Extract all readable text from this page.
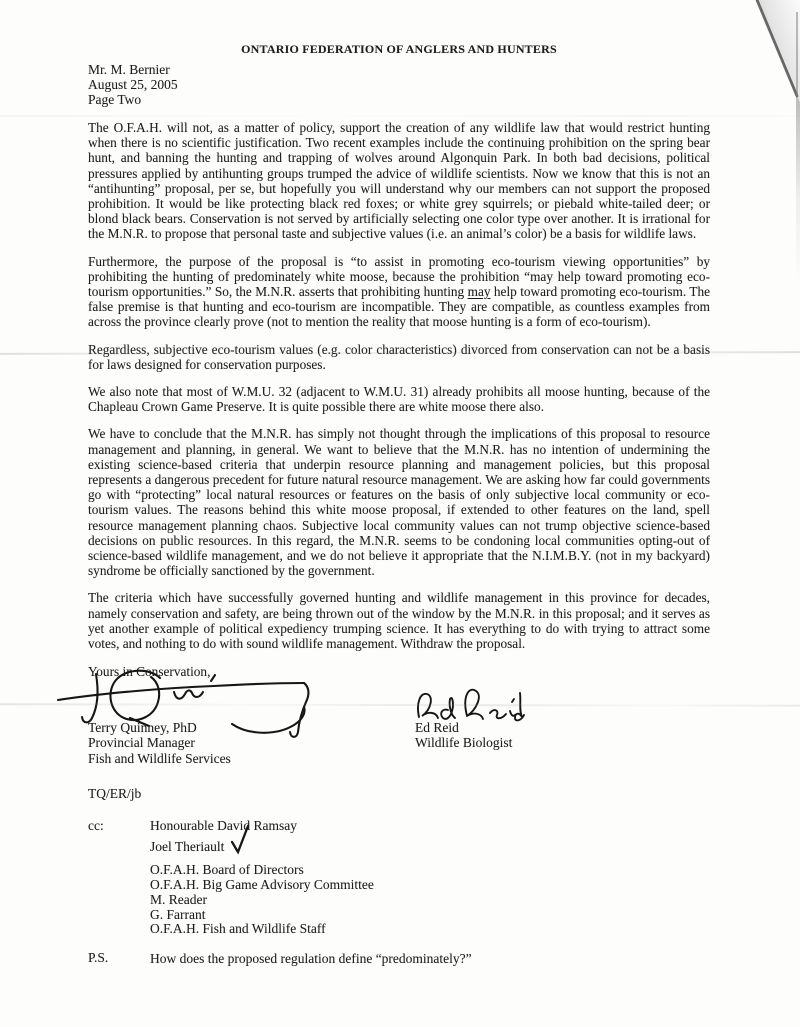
ONTARIO FEDERATION OF ANGLERS AND HUNTERS
Mr. M. Bernier
August 25, 2005
Page Two

The O.F.A.H. will not, as a matter of policy, support the creation of any wildlife law that would restrict hunting when there is no scientific justification. Two recent examples include the continuing prohibition on the spring bear hunt, and banning the hunting and trapping of wolves around Algonquin Park. In both bad decisions, political pressures applied by antihunting groups trumped the advice of wildlife scientists. Now we know that this is not an “antihunting” proposal, per se, but hopefully you will understand why our members can not support the proposed prohibition. It would be like protecting black red foxes; or white grey squirrels; or piebald white-tailed deer; or blond black bears. Conservation is not served by artificially selecting one color type over another. It is irrational for the M.N.R. to propose that personal taste and subjective values (i.e. an animal’s color) be a basis for wildlife laws.

Furthermore, the purpose of the proposal is “to assist in promoting eco-tourism viewing opportunities” by prohibiting the hunting of predominately white moose, because the prohibition “may help toward promoting eco-tourism opportunities.” So, the M.N.R. asserts that prohibiting hunting may help toward promoting eco-tourism. The false premise is that hunting and eco-tourism are incompatible. They are compatible, as countless examples from across the province clearly prove (not to mention the reality that moose hunting is a form of eco-tourism).

Regardless, subjective eco-tourism values (e.g. color characteristics) divorced from conservation can not be a basis for laws designed for conservation purposes.

We also note that most of W.M.U. 32 (adjacent to W.M.U. 31) already prohibits all moose hunting, because of the Chapleau Crown Game Preserve. It is quite possible there are white moose there also.

We have to conclude that the M.N.R. has simply not thought through the implications of this proposal to resource management and planning, in general. We want to believe that the M.N.R. has no intention of undermining the existing science-based criteria that underpin resource planning and management policies, but this proposal represents a dangerous precedent for future natural resource management. We are asking how far could governments go with “protecting” local natural resources or features on the basis of only subjective local community or eco-tourism values. The reasons behind this white moose proposal, if extended to other features on the land, spell resource management planning chaos. Subjective local community values can not trump objective science-based decisions on public resources. In this regard, the M.N.R. seems to be condoning local communities opting-out of science-based wildlife management, and we do not believe it appropriate that the N.I.M.B.Y. (not in my backyard) syndrome be officially sanctioned by the government.

The criteria which have successfully governed hunting and wildlife management in this province for decades, namely conservation and safety, are being thrown out of the window by the M.N.R. in this proposal; and it serves as yet another example of political expediency trumping science. It has everything to do with trying to attract some votes, and nothing to do with sound wildlife management. Withdraw the proposal.

Yours in Conservation,
Terry Quinney, PhD
Provincial Manager
Fish and Wildlife Services
Ed Reid
Wildlife Biologist
TQ/ER/jb
cc:	Honourable David Ramsay
Joel Theriault
O.F.A.H. Board of Directors
O.F.A.H. Big Game Advisory Committee
M. Reader
G. Farrant
O.F.A.H. Fish and Wildlife Staff
P.S.	How does the proposed regulation define “predominately?”
